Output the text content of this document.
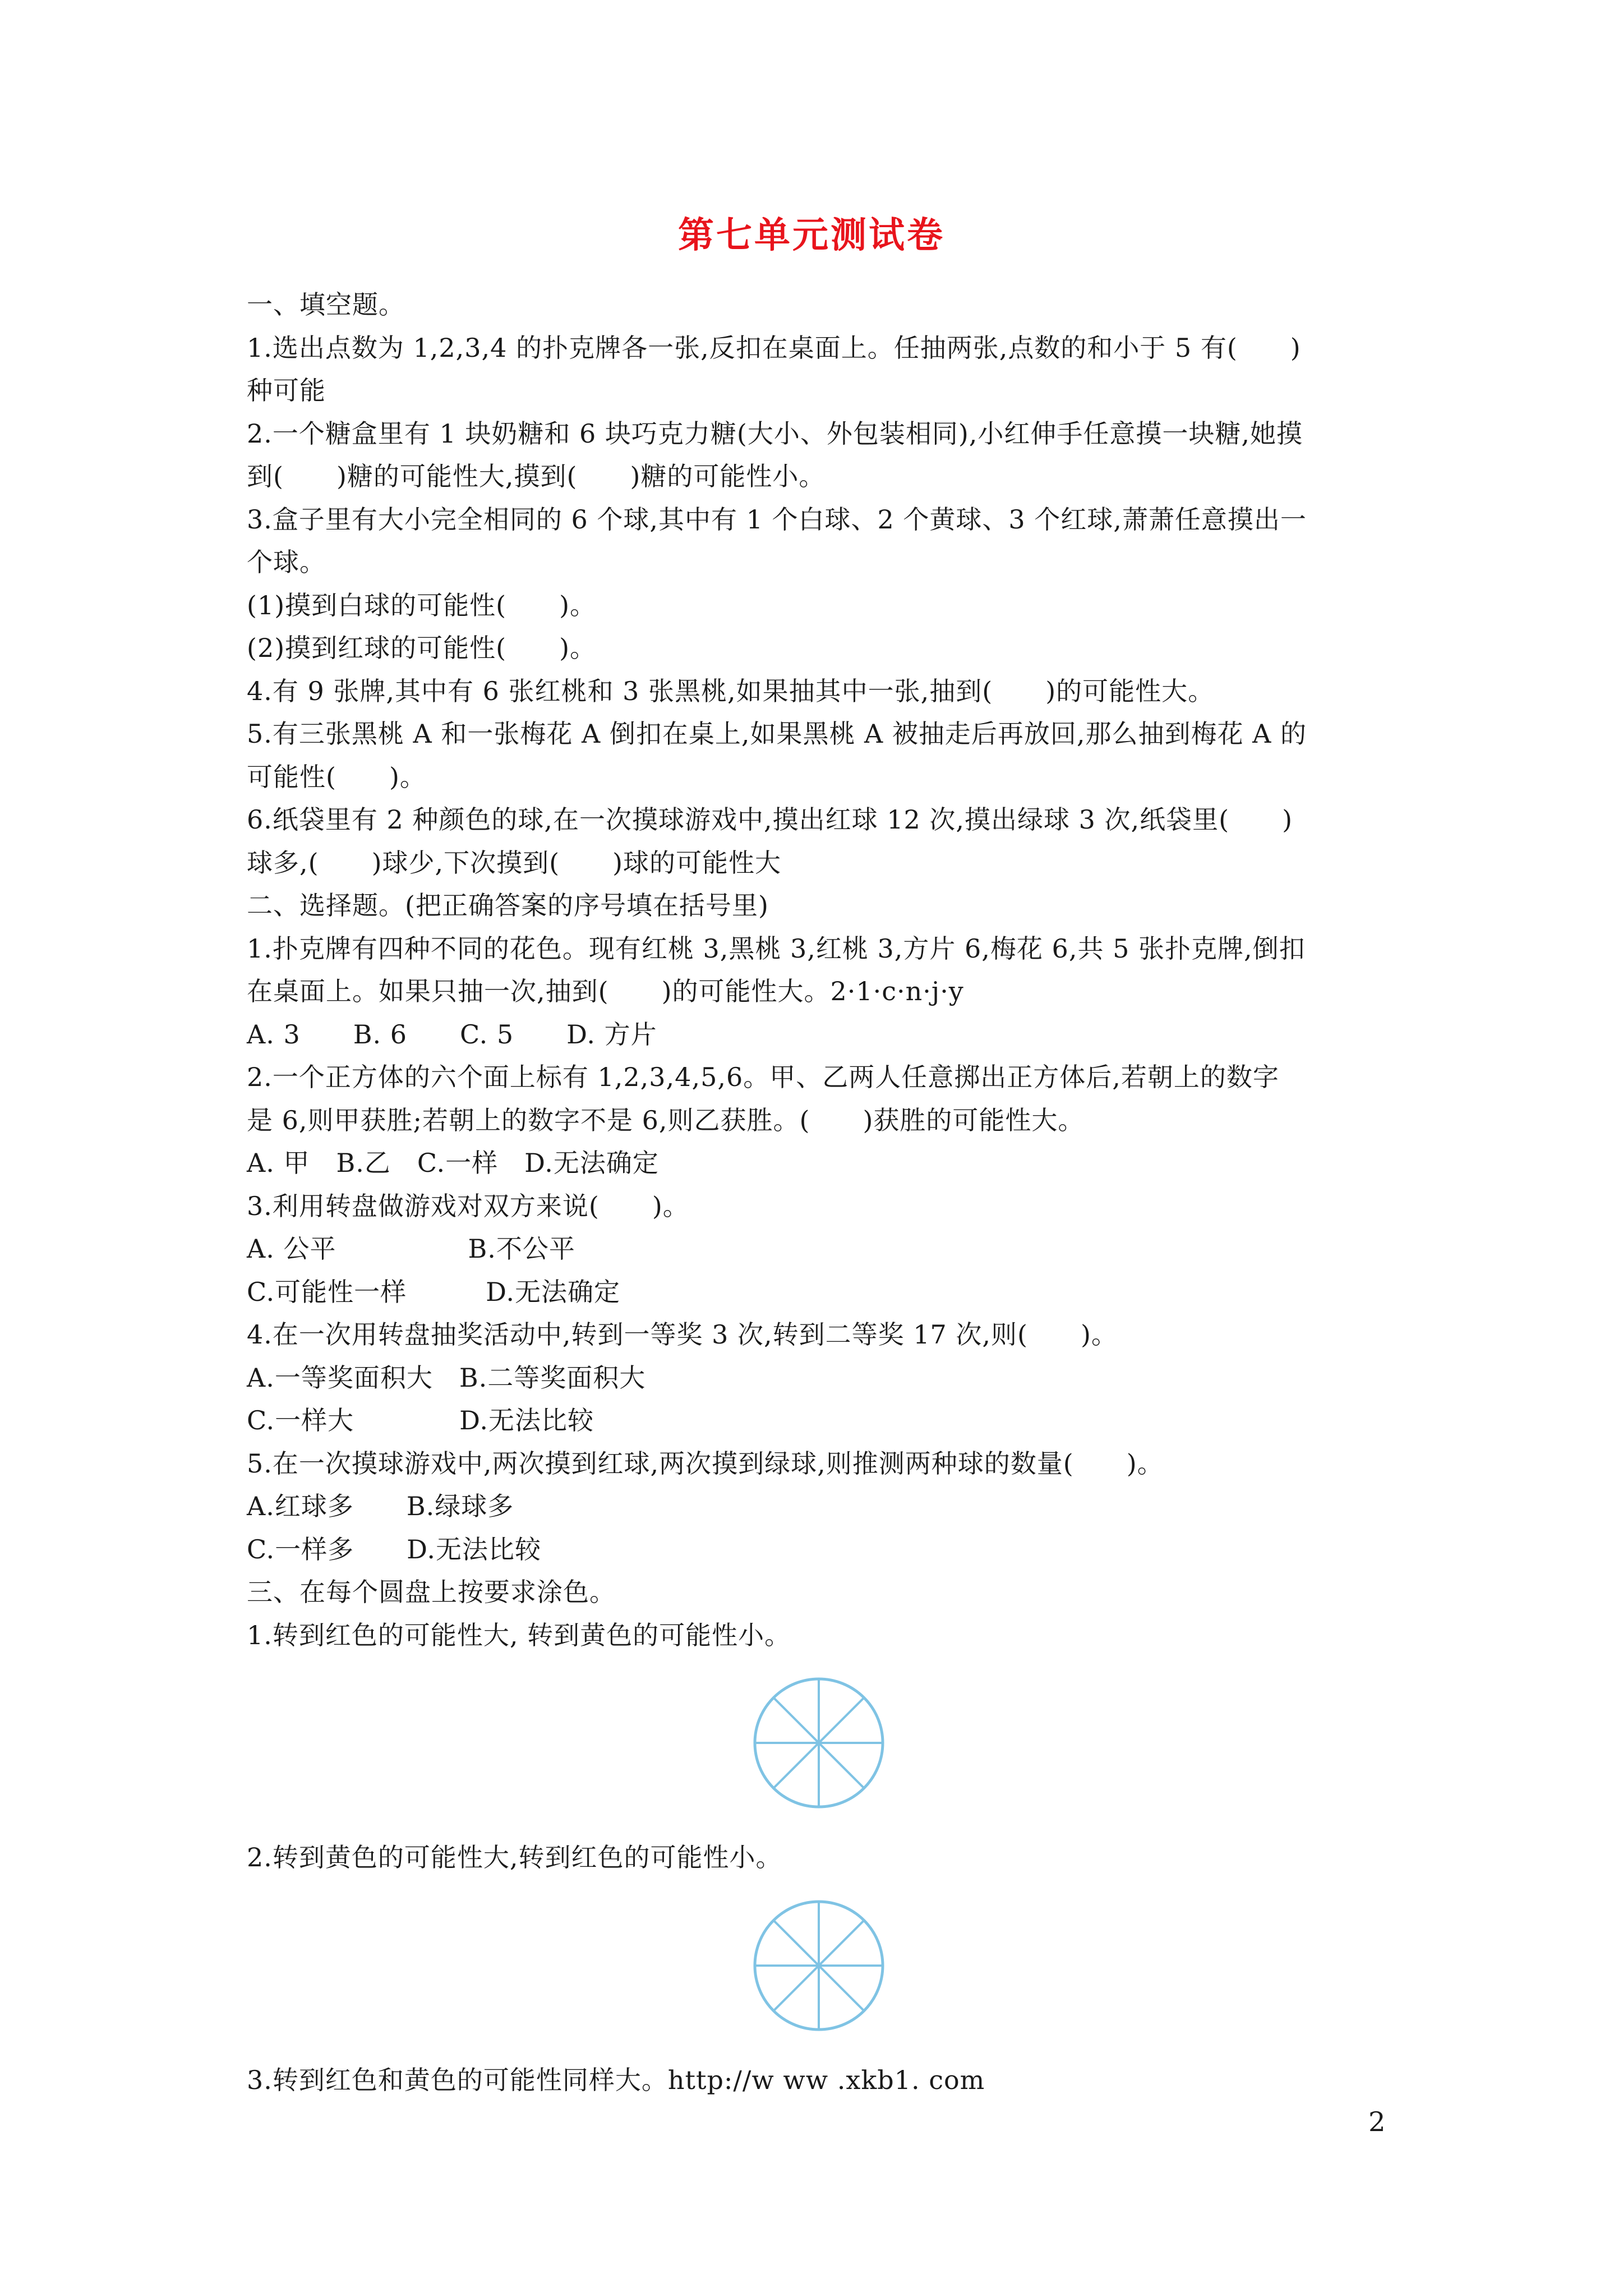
第七单元测试卷
一、填空题。
1.选出点数为 1,2,3,4 的扑克牌各一张,反扣在桌面上。任抽两张,点数的和小于 5 有(　　)
种可能
2.一个糖盒里有 1 块奶糖和 6 块巧克力糖(大小、外包装相同),小红伸手任意摸一块糖,她摸
到(　　)糖的可能性大,摸到(　　)糖的可能性小。
3.盒子里有大小完全相同的 6 个球,其中有 1 个白球、2 个黄球、3 个红球,萧萧任意摸出一
个球。
(1)摸到白球的可能性(　　)。
(2)摸到红球的可能性(　　)。
4.有 9 张牌,其中有 6 张红桃和 3 张黑桃,如果抽其中一张,抽到(　　)的可能性大。
5.有三张黑桃 A 和一张梅花 A 倒扣在桌上,如果黑桃 A 被抽走后再放回,那么抽到梅花 A 的
可能性(　　)。
6.纸袋里有 2 种颜色的球,在一次摸球游戏中,摸出红球 12 次,摸出绿球 3 次,纸袋里(　　)
球多,(　　)球少,下次摸到(　　)球的可能性大
二、选择题。(把正确答案的序号填在括号里)
1.扑克牌有四种不同的花色。现有红桃 3,黑桃 3,红桃 3,方片 6,梅花 6,共 5 张扑克牌,倒扣
在桌面上。如果只抽一次,抽到(　　)的可能性大。2·1·c·n·j·y
A. 3　　B. 6　　C. 5　　D. 方片
2.一个正方体的六个面上标有 1,2,3,4,5,6。甲、乙两人任意掷出正方体后,若朝上的数字
是 6,则甲获胜;若朝上的数字不是 6,则乙获胜。(　　)获胜的可能性大。
A. 甲　B.乙　C.一样　D.无法确定
3.利用转盘做游戏对双方来说(　　)。
A. 公平　　　　　B.不公平
C.可能性一样　　　D.无法确定
4.在一次用转盘抽奖活动中,转到一等奖 3 次,转到二等奖 17 次,则(　　)。
A.一等奖面积大　B.二等奖面积大
C.一样大　　　　D.无法比较
5.在一次摸球游戏中,两次摸到红球,两次摸到绿球,则推测两种球的数量(　　)。
A.红球多　　B.绿球多
C.一样多　　D.无法比较
三、在每个圆盘上按要求涂色。
1.转到红色的可能性大, 转到黄色的可能性小。
2.转到黄色的可能性大,转到红色的可能性小。
3.转到红色和黄色的可能性同样大。http://w ww .xkb1. com
2
